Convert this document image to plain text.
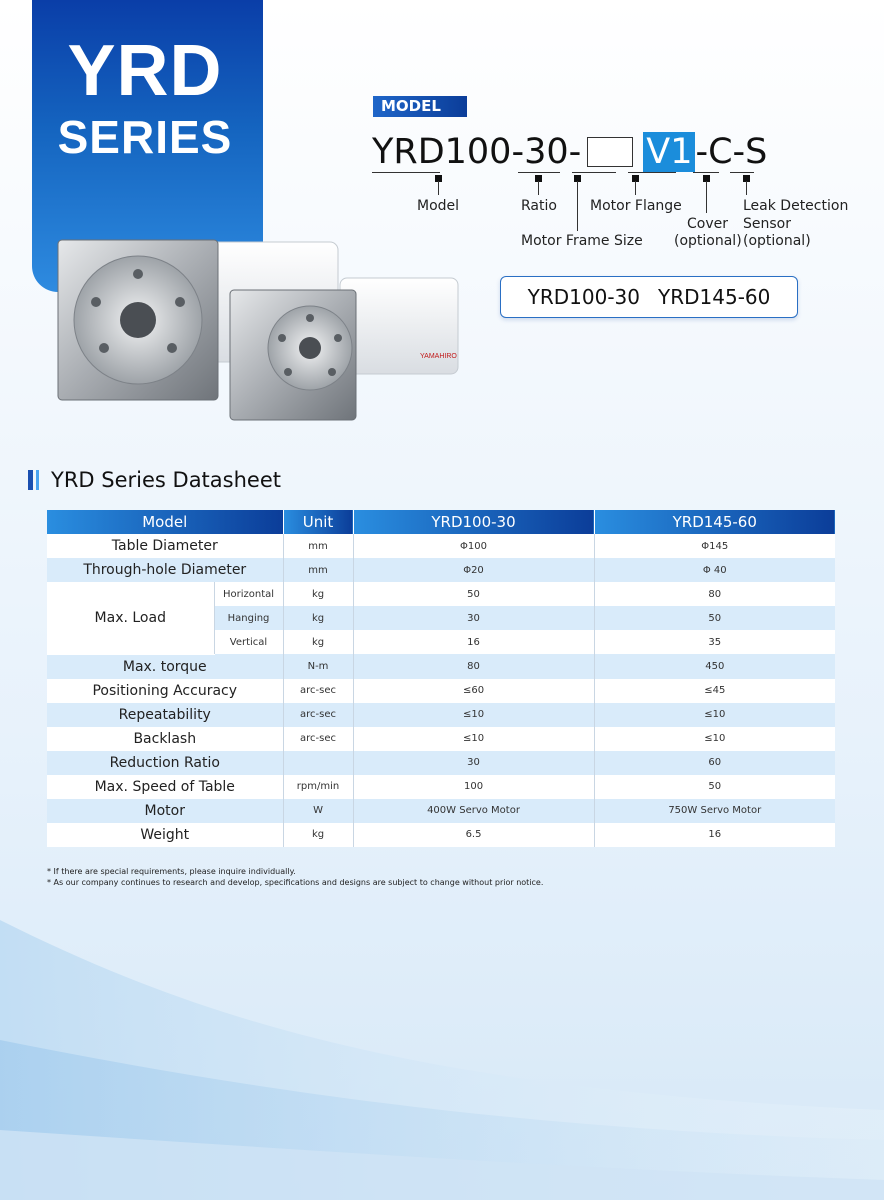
YRD
SERIES
YAMAHIRO
MODEL
YRD100-30- V1 -C-S
Model	Ratio Motor Flange
Motor Frame Size
Cover
(optional)
Leak Detection
Sensor
(optional)
YRD100-30 YRD145-60
YRD Series Datasheet
Model		Unit	YRD100-30	YRD145-60
Table Diameter		mm	Φ100	Φ145
Through-hole Diameter		mm	Φ20	Φ 40
Max. Load	Horizontal	kg	50	80
	Hanging	kg	30	50
	Vertical	kg	16	35
Max. torque		N-m	80	450
Positioning Accuracy		arc-sec	≤60	≤45
Repeatability		arc-sec	≤10	≤10
Backlash		arc-sec	≤10	≤10
Reduction Ratio			30	60
Max. Speed of Table		rpm/min	100	50
Motor		W	400W Servo Motor	750W Servo Motor
Weight		kg	6.5	16
* If there are special requirements, please inquire individually.
* As our company continues to research and develop, specifications and designs are subject to change without prior notice.
